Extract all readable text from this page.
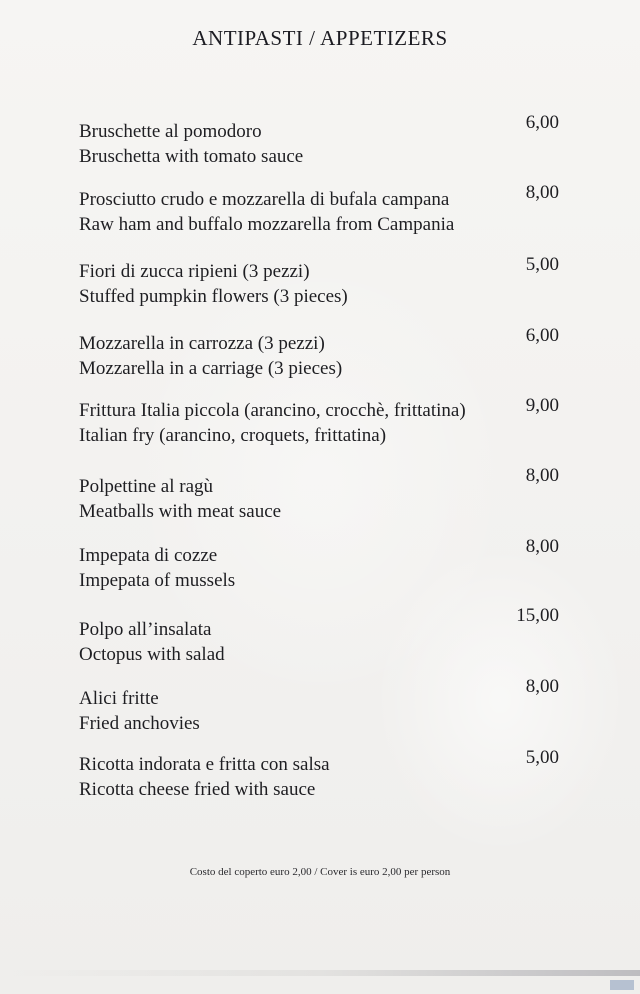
ANTIPASTI / APPETIZERS
6,00
Bruschette al pomodoro
Bruschetta with tomato sauce
8,00
Prosciutto crudo e mozzarella di bufala campana
Raw ham and buffalo mozzarella from Campania
5,00
Fiori di zucca ripieni (3 pezzi)
Stuffed pumpkin flowers (3 pieces)
6,00
Mozzarella in carrozza (3 pezzi)
Mozzarella in a carriage (3 pieces)
9,00
Frittura Italia piccola (arancino, crocchè, frittatina)
Italian fry (arancino, croquets, frittatina)
8,00
Polpettine al ragù
Meatballs with meat sauce
8,00
Impepata di cozze
Impepata of mussels
15,00
Polpo all’insalata
Octopus with salad
8,00
Alici fritte
Fried anchovies
5,00
Ricotta indorata e fritta con salsa
Ricotta cheese fried with sauce
Costo del coperto euro 2,00 / Cover is euro 2,00 per person
